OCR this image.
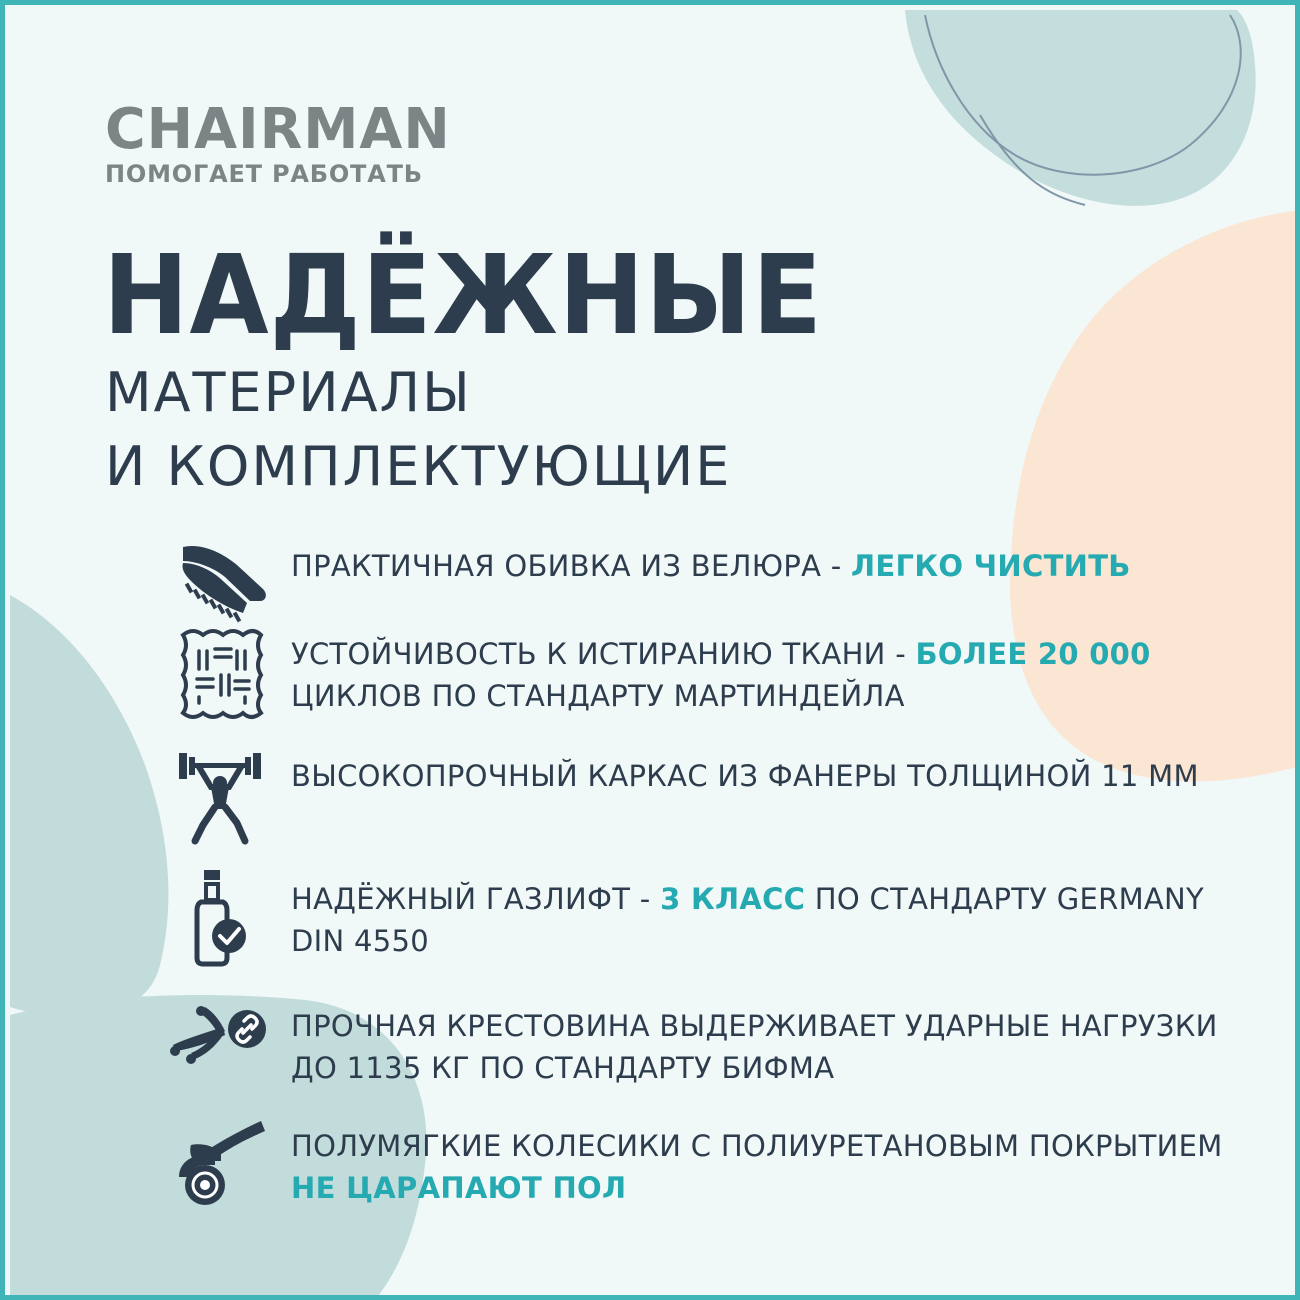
CHAIRMAN
ПОМОГАЕТ РАБОТАТЬ
НАДЁЖНЫЕ
МАТЕРИАЛЫ
И КОМПЛЕКТУЮЩИЕ
ПРАКТИЧНАЯ ОБИВКА ИЗ ВЕЛЮРА - ЛЕГКО ЧИСТИТЬ
УСТОЙЧИВОСТЬ К ИСТИРАНИЮ ТКАНИ - БОЛЕЕ 20 000 ЦИКЛОВ ПО СТАНДАРТУ МАРТИНДЕЙЛА
ВЫСОКОПРОЧНЫЙ КАРКАС ИЗ ФАНЕРЫ ТОЛЩИНОЙ 11 ММ
НАДЁЖНЫЙ ГАЗЛИФТ - 3 КЛАСС ПО СТАНДАРТУ GERMANY DIN 4550
ПРОЧНАЯ КРЕСТОВИНА ВЫДЕРЖИВАЕТ УДАРНЫЕ НАГРУЗКИ ДО 1135 КГ ПО СТАНДАРТУ БИФМА
ПОЛУМЯГКИЕ КОЛЕСИКИ С ПОЛИУРЕТАНОВЫМ ПОКРЫТИЕМ НЕ ЦАРАПАЮТ ПОЛ
